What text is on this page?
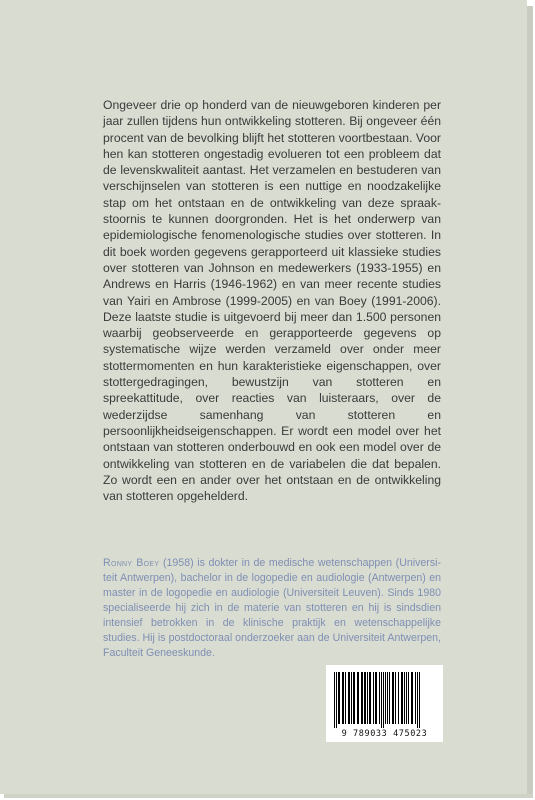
Ongeveer drie op honderd van de nieuwgeboren kinderen per jaar zullen tijdens hun ontwikkeling stotteren. Bij ongeveer één procent van de bevolking blijft het stotteren voortbestaan. Voor hen kan stotteren ongestadig evolueren tot een probleem dat de levenskwaliteit aantast. Het verzamelen en bestuderen van verschijnselen van stotteren is een nuttige en noodzakelijke stap om het ontstaan en de ontwikkeling van deze spraakstoornis te kunnen doorgronden. Het is het onderwerp van epidemiologische fenomenologische studies over stotteren. In dit boek worden gegevens gerapporteerd uit klassieke studies over stotteren van Johnson en medewerkers (1933-1955) en Andrews en Harris (1946-1962) en van meer recente studies van Yairi en Ambrose (1999-2005) en van Boey (1991-2006). Deze laatste studie is uitgevoerd bij meer dan 1.500 personen waarbij geobserveerde en gerapporteerde gegevens op systematische wijze werden verzameld over onder meer stottermomenten en hun karakteristieke eigenschappen, over stottergedragingen, bewustzijn van stotteren en spreekattitude, over reacties van luisteraars, over de wederzijdse samenhang van stotteren en persoonlijkheidseigenschappen. Er wordt een model over het ontstaan van stotteren onderbouwd en ook een model over de ontwikkeling van stotteren en de variabelen die dat bepalen. Zo wordt een en ander over het ontstaan en de ontwikkeling van stotteren opgehelderd.

Ronny Boey (1958) is dokter in de medische wetenschappen (Universiteit Antwerpen), bachelor in de logopedie en audiologie (Antwerpen) en master in de logopedie en audiologie (Universiteit Leuven). Sinds 1980 specialiseerde hij zich in de materie van stotteren en hij is sindsdien intensief betrokken in de klinische praktijk en wetenschappelijke studies. Hij is postdoctoraal onderzoeker aan de Universiteit Antwerpen, Faculteit Geneeskunde.

9 789033 475023
